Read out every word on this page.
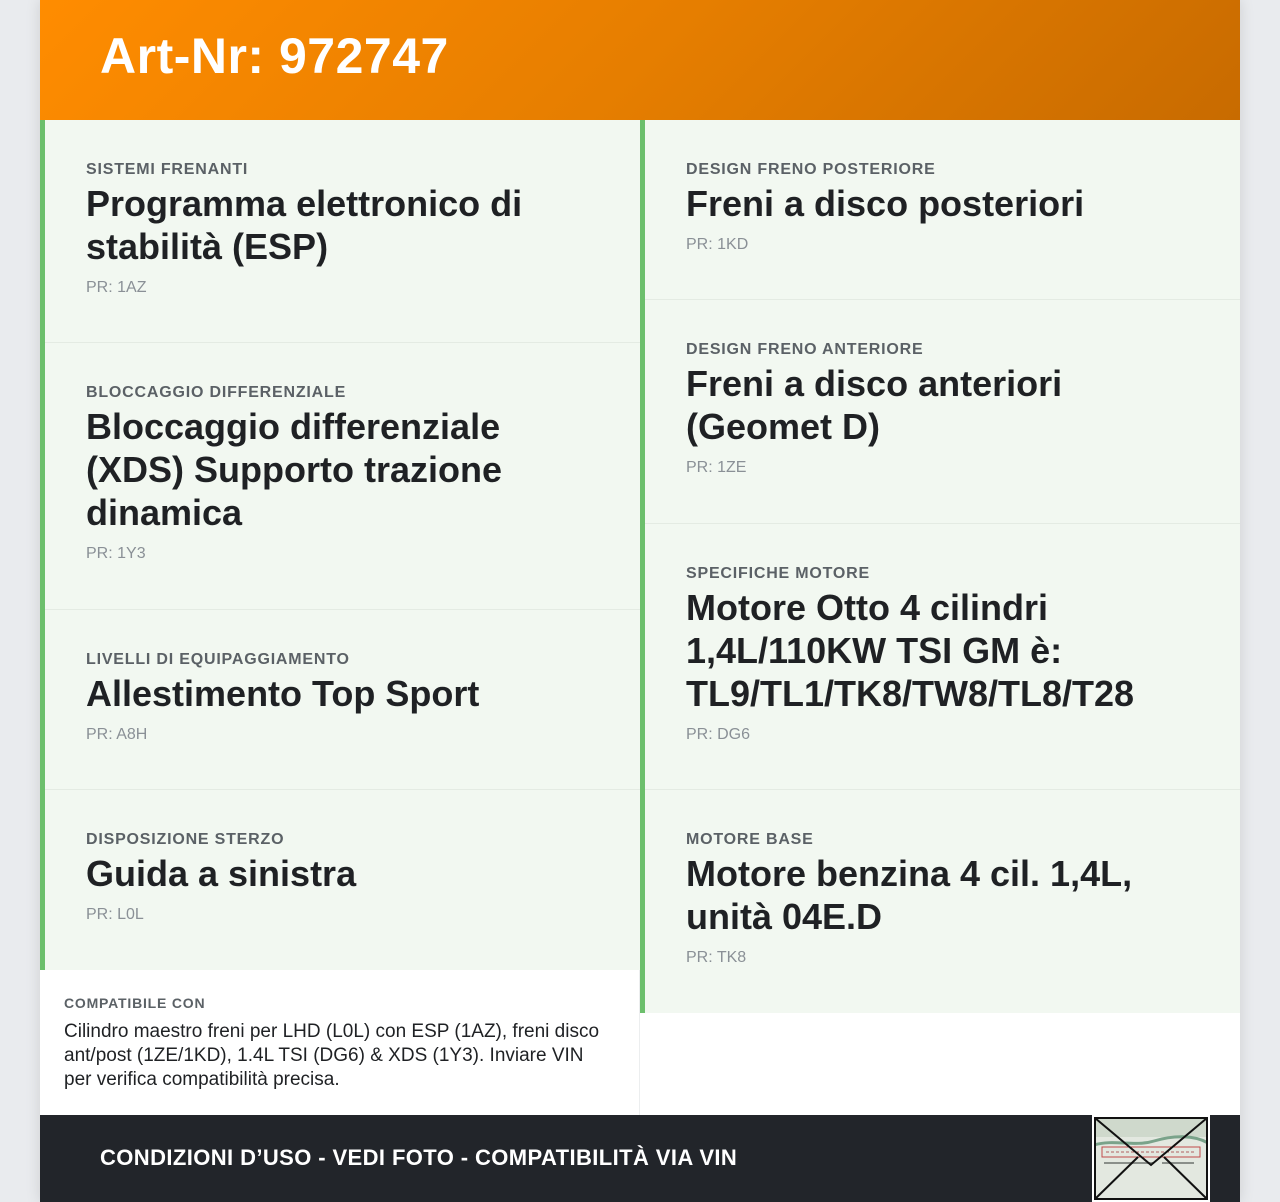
Art-Nr: 972747
SISTEMI FRENANTI
Programma elettronico di stabilità (ESP)
PR: 1AZ
BLOCCAGGIO DIFFERENZIALE
Bloccaggio differenziale (XDS) Supporto trazione dinamica
PR: 1Y3
LIVELLI DI EQUIPAGGIAMENTO
Allestimento Top Sport
PR: A8H
DISPOSIZIONE STERZO
Guida a sinistra
PR: L0L
DESIGN FRENO POSTERIORE
Freni a disco posteriori
PR: 1KD
DESIGN FRENO ANTERIORE
Freni a disco anteriori (Geomet D)
PR: 1ZE
SPECIFICHE MOTORE
Motore Otto 4 cilindri 1,4L/110KW TSI GM è: TL9/TL1/TK8/TW8/TL8/T28
PR: DG6
MOTORE BASE
Motore benzina 4 cil. 1,4L, unità 04E.D
PR: TK8
COMPATIBILE CON
Cilindro maestro freni per LHD (L0L) con ESP (1AZ), freni disco ant/post (1ZE/1KD), 1.4L TSI (DG6) & XDS (1Y3). Inviare VIN per verifica compatibilità precisa.
CONDIZIONI D’USO - VEDI FOTO - COMPATIBILITÀ VIA VIN
